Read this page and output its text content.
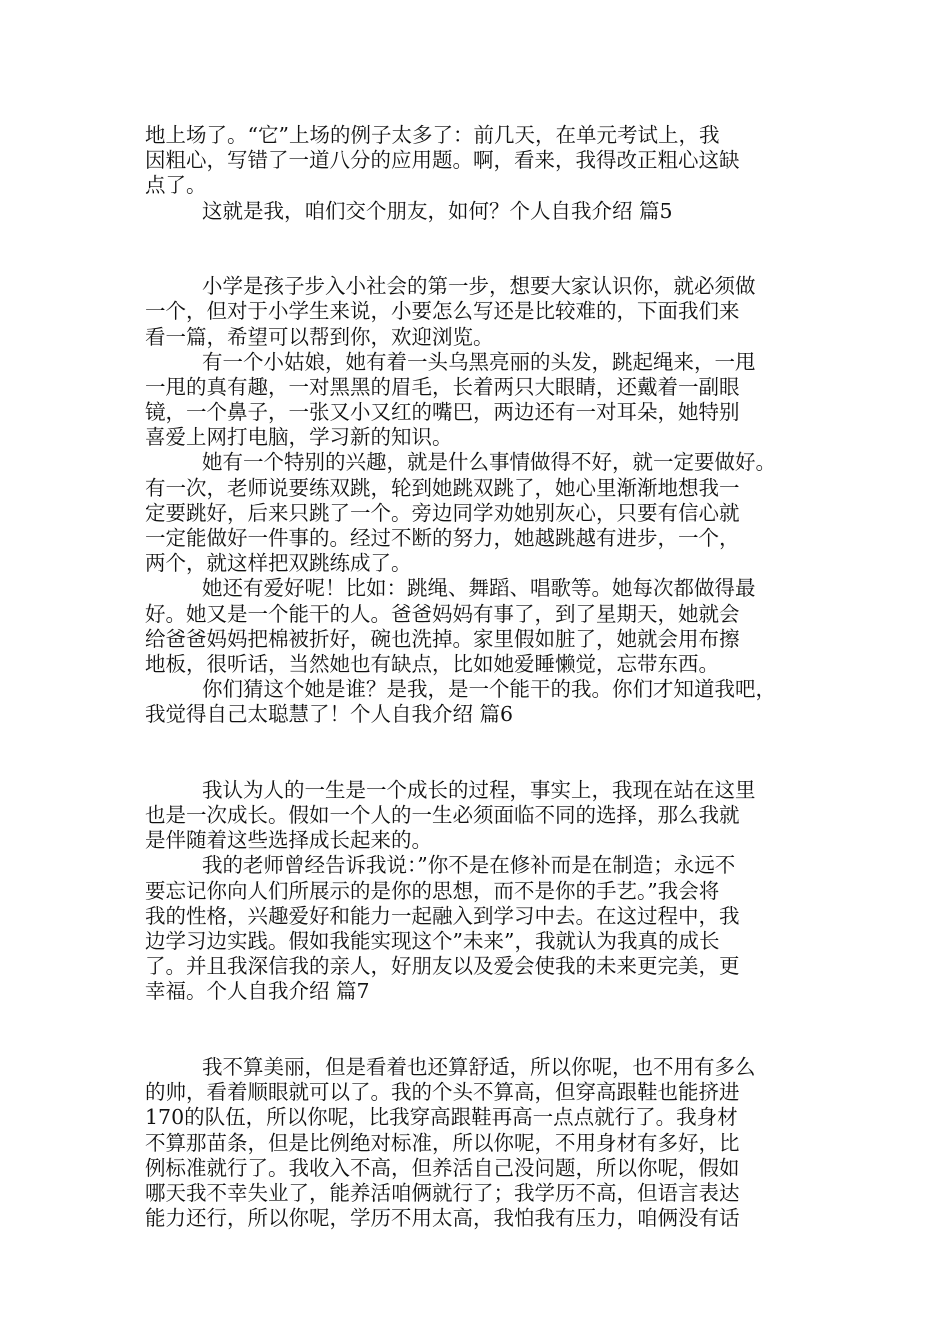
地上场了。“它”上场的例子太多了：前几天，在单元考试上，我
因粗心，写错了一道八分的应用题。啊，看来，我得改正粗心这缺
点了。
这就是我，咱们交个朋友，如何？个人自我介绍 篇5
小学是孩子步入小社会的第一步，想要大家认识你，就必须做
一个，但对于小学生来说，小要怎么写还是比较难的，下面我们来
看一篇，希望可以帮到你，欢迎浏览。
有一个小姑娘，她有着一头乌黑亮丽的头发，跳起绳来，一甩
一甩的真有趣，一对黑黑的眉毛，长着两只大眼睛，还戴着一副眼
镜，一个鼻子，一张又小又红的嘴巴，两边还有一对耳朵，她特别
喜爱上网打电脑，学习新的知识。
她有一个特别的兴趣，就是什么事情做得不好，就一定要做好。
有一次，老师说要练双跳，轮到她跳双跳了，她心里渐渐地想我一
定要跳好，后来只跳了一个。旁边同学劝她别灰心，只要有信心就
一定能做好一件事的。经过不断的努力，她越跳越有进步，一个，
两个，就这样把双跳练成了。
她还有爱好呢！比如：跳绳、舞蹈、唱歌等。她每次都做得最
好。她又是一个能干的人。爸爸妈妈有事了，到了星期天，她就会
给爸爸妈妈把棉被折好，碗也洗掉。家里假如脏了，她就会用布擦
地板，很听话，当然她也有缺点，比如她爱睡懒觉，忘带东西。
你们猜这个她是谁？是我，是一个能干的我。你们才知道我吧，
我觉得自己太聪慧了！个人自我介绍 篇6
我认为人的一生是一个成长的过程，事实上，我现在站在这里
也是一次成长。假如一个人的一生必须面临不同的选择，那么我就
是伴随着这些选择成长起来的。
我的老师曾经告诉我说：”你不是在修补而是在制造；永远不
要忘记你向人们所展示的是你的思想，而不是你的手艺。”我会将
我的性格，兴趣爱好和能力一起融入到学习中去。在这过程中，我
边学习边实践。假如我能实现这个”未来”，我就认为我真的成长
了。并且我深信我的亲人，好朋友以及爱会使我的未来更完美，更
幸福。个人自我介绍 篇7
我不算美丽，但是看着也还算舒适，所以你呢，也不用有多么
的帅，看着顺眼就可以了。我的个头不算高，但穿高跟鞋也能挤进
170的队伍，所以你呢，比我穿高跟鞋再高一点点就行了。我身材
不算那苗条，但是比例绝对标准，所以你呢，不用身材有多好，比
例标准就行了。我收入不高，但养活自己没问题，所以你呢，假如
哪天我不幸失业了，能养活咱俩就行了；我学历不高，但语言表达
能力还行，所以你呢，学历不用太高，我怕我有压力，咱俩没有话
